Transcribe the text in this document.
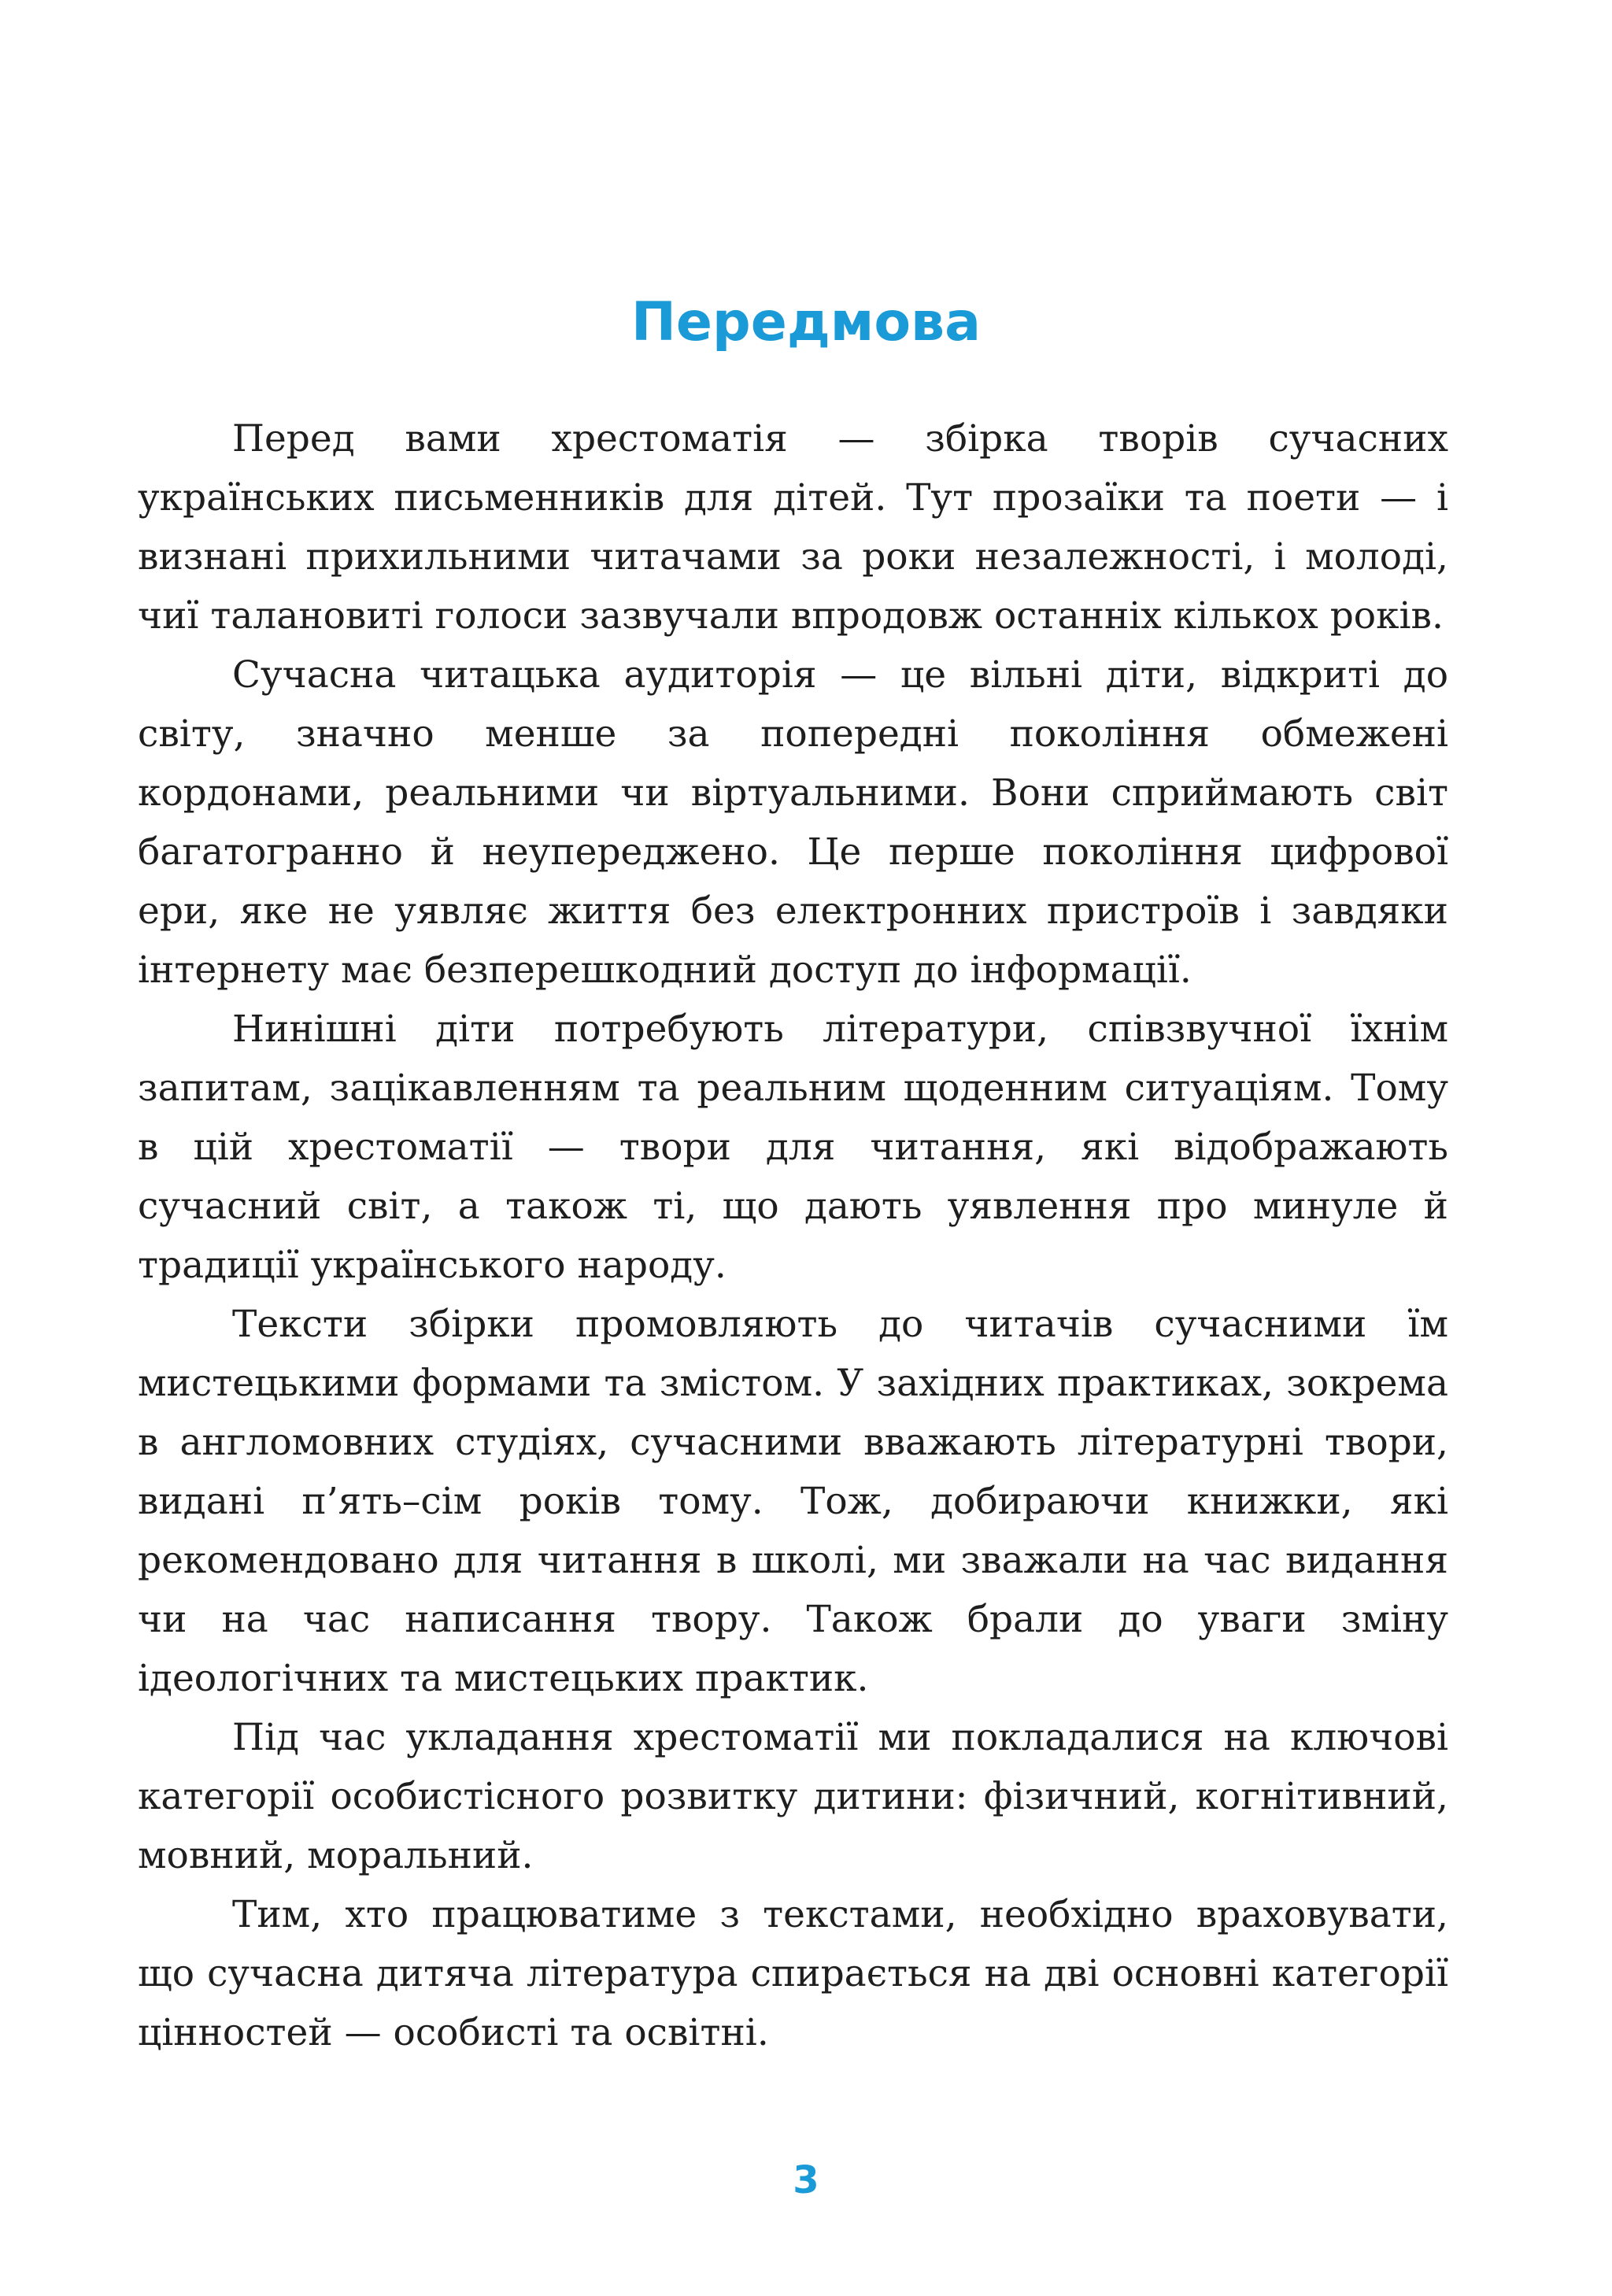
Передмова

Перед вами хрестоматія — збірка творів сучасних українських письменників для дітей. Тут прозаїки та поети — і визнані прихильними читачами за роки незалежності, і молоді, чиї талановиті голоси зазвучали впродовж останніх кількох років.

Сучасна читацька аудиторія — це вільні діти, відкриті до світу, значно менше за попередні покоління обмежені кордонами, реальними чи віртуальними. Вони сприймають світ багатогранно й неупереджено. Це перше покоління цифрової ери, яке не уявляє життя без електронних пристроїв і завдяки інтернету має безперешкодний доступ до інформації.

Нинішні діти потребують літератури, співзвучної їхнім запитам, зацікавленням та реальним щоденним ситуаціям. Тому в цій хрестоматії — твори для читання, які відображають сучасний світ, а також ті, що дають уявлення про минуле й традиції українського народу.

Тексти збірки промовляють до читачів сучасними їм мистецькими формами та змістом. У західних практиках, зокрема в англомовних студіях, сучасними вважають літературні твори, видані п’ять–сім років тому. Тож, добираючи книжки, які рекомендовано для читання в школі, ми зважали на час видання чи на час написання твору. Також брали до уваги зміну ідеологічних та мистецьких практик.

Під час укладання хрестоматії ми покладалися на ключові категорії особистісного розвитку дитини: фізичний, когнітивний, мовний, моральний.

Тим, хто працюватиме з текстами, необхідно враховувати, що сучасна дитяча література спирається на дві основні категорії цінностей — особисті та освітні.

3
